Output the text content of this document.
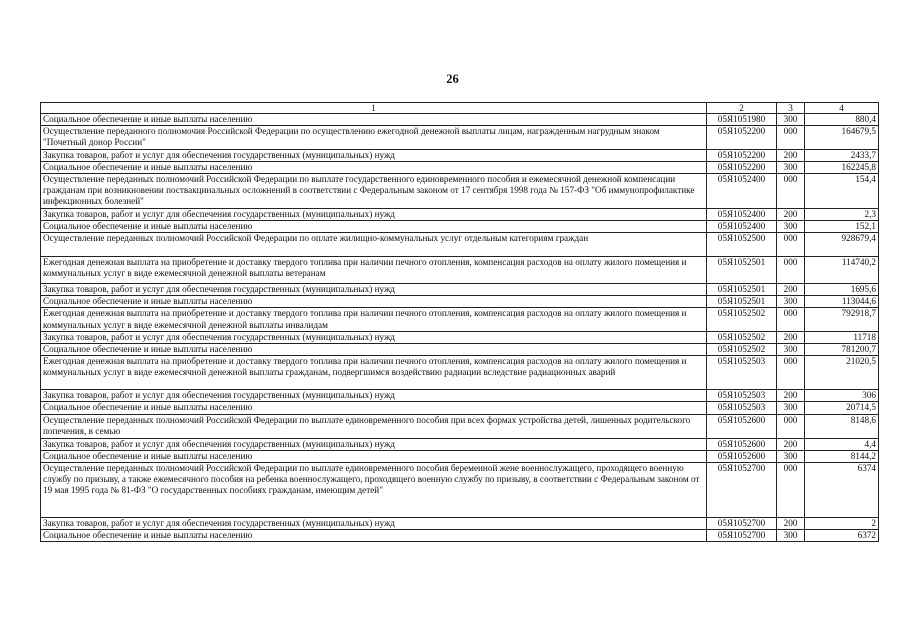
26
1	2	3	4
Социальное обеспечение и иные выплаты населению	05Я1051980	300	880,4
Осуществление переданного полномочия Российской Федерации по осуществлению ежегодной денежной выплаты лицам, награжденным нагрудным знаком "Почетный донор России"	05Я1052200	000	164679,5
Закупка товаров, работ и услуг для обеспечения государственных (муниципальных) нужд	05Я1052200	200	2433,7
Социальное обеспечение и иные выплаты населению	05Я1052200	300	162245,8
Осуществление переданных полномочий Российской Федерации по выплате государственного единовременного пособия и ежемесячной денежной компенсации гражданам при возникновении поствакцинальных осложнений в соответствии с Федеральным законом от 17 сентября 1998 года № 157-ФЗ "Об иммунопрофилактике инфекционных болезней"	05Я1052400	000	154,4
Закупка товаров, работ и услуг для обеспечения государственных (муниципальных) нужд	05Я1052400	200	2,3
Социальное обеспечение и иные выплаты населению	05Я1052400	300	152,1
Осуществление переданных полномочий Российской Федерации по оплате жилищно-коммунальных услуг отдельным категориям граждан	05Я1052500	000	928679,4
Ежегодная денежная выплата на приобретение и доставку твердого топлива при наличии печного отопления, компенсация расходов на оплату жилого помещения и коммунальных услуг в виде ежемесячной денежной выплаты ветеранам	05Я1052501	000	114740,2
Закупка товаров, работ и услуг для обеспечения государственных (муниципальных) нужд	05Я1052501	200	1695,6
Социальное обеспечение и иные выплаты населению	05Я1052501	300	113044,6
Ежегодная денежная выплата на приобретение и доставку твердого топлива при наличии печного отопления, компенсация расходов на оплату жилого помещения и коммунальных услуг в виде ежемесячной денежной выплаты инвалидам	05Я1052502	000	792918,7
Закупка товаров, работ и услуг для обеспечения государственных (муниципальных) нужд	05Я1052502	200	11718
Социальное обеспечение и иные выплаты населению	05Я1052502	300	781200,7
Ежегодная денежная выплата на приобретение и доставку твердого топлива при наличии печного отопления, компенсация расходов на оплату жилого помещения и коммунальных услуг в виде ежемесячной денежной выплаты гражданам, подвергшимся воздействию радиации вследствие радиационных аварий	05Я1052503	000	21020,5
Закупка товаров, работ и услуг для обеспечения государственных (муниципальных) нужд	05Я1052503	200	306
Социальное обеспечение и иные выплаты населению	05Я1052503	300	20714,5
Осуществление переданных полномочий Российской Федерации по выплате единовременного пособия при всех формах устройства детей, лишенных родительского попечения, в семью	05Я1052600	000	8148,6
Закупка товаров, работ и услуг для обеспечения государственных (муниципальных) нужд	05Я1052600	200	4,4
Социальное обеспечение и иные выплаты населению	05Я1052600	300	8144,2
Осуществление переданных полномочий Российской Федерации по выплате единовременного пособия беременной жене военнослужащего, проходящего военную службу по призыву, а также ежемесячного пособия на ребенка военнослужащего, проходящего военную службу по призыву, в соответствии с Федеральным законом от 19 мая 1995 года № 81-ФЗ "О государственных пособиях гражданам, имеющим детей"	05Я1052700	000	6374
Закупка товаров, работ и услуг для обеспечения государственных (муниципальных) нужд	05Я1052700	200	2
Социальное обеспечение и иные выплаты населению	05Я1052700	300	6372
